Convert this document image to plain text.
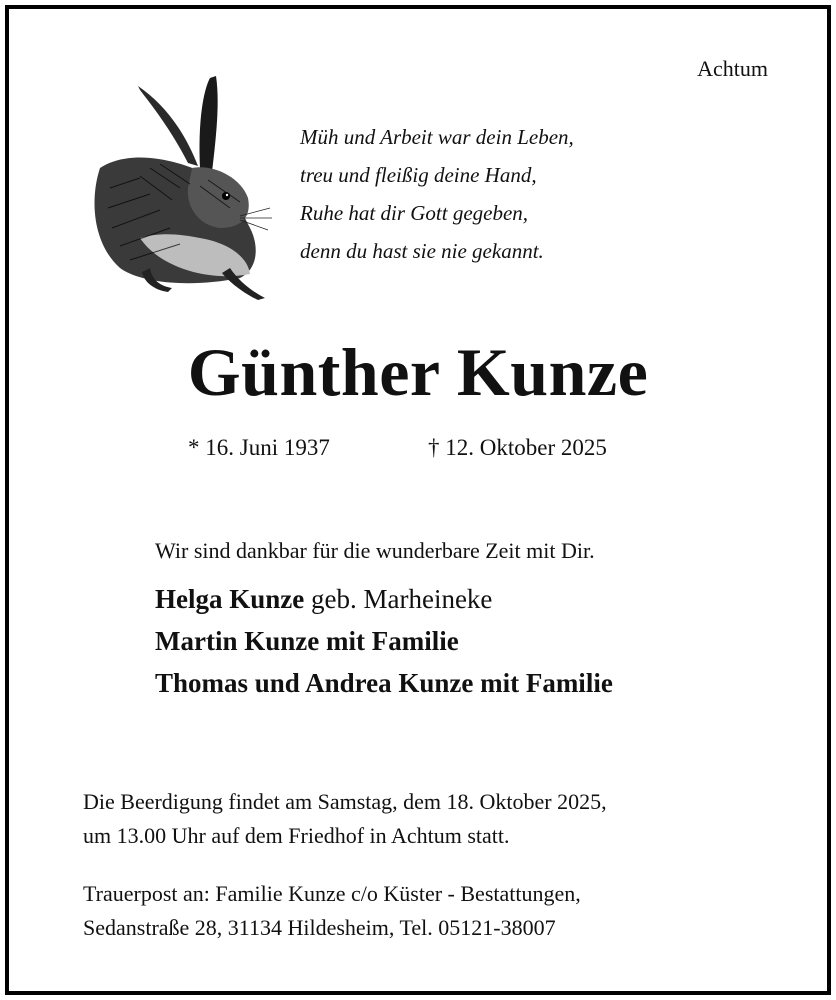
Achtum
Müh und Arbeit war dein Leben,
treu und fleißig deine Hand,
Ruhe hat dir Gott gegeben,
denn du hast sie nie gekannt.
Günther Kunze
* 16. Juni 1937	† 12. Oktober 2025
Wir sind dankbar für die wunderbare Zeit mit Dir.
Helga Kunze geb. Marheineke
Martin Kunze mit Familie
Thomas und Andrea Kunze mit Familie
Die Beerdigung findet am Samstag, dem 18. Oktober 2025,
um 13.00 Uhr auf dem Friedhof in Achtum statt.
Trauerpost an: Familie Kunze c/o Küster - Bestattungen,
Sedanstraße 28, 31134 Hildesheim, Tel. 05121-38007
